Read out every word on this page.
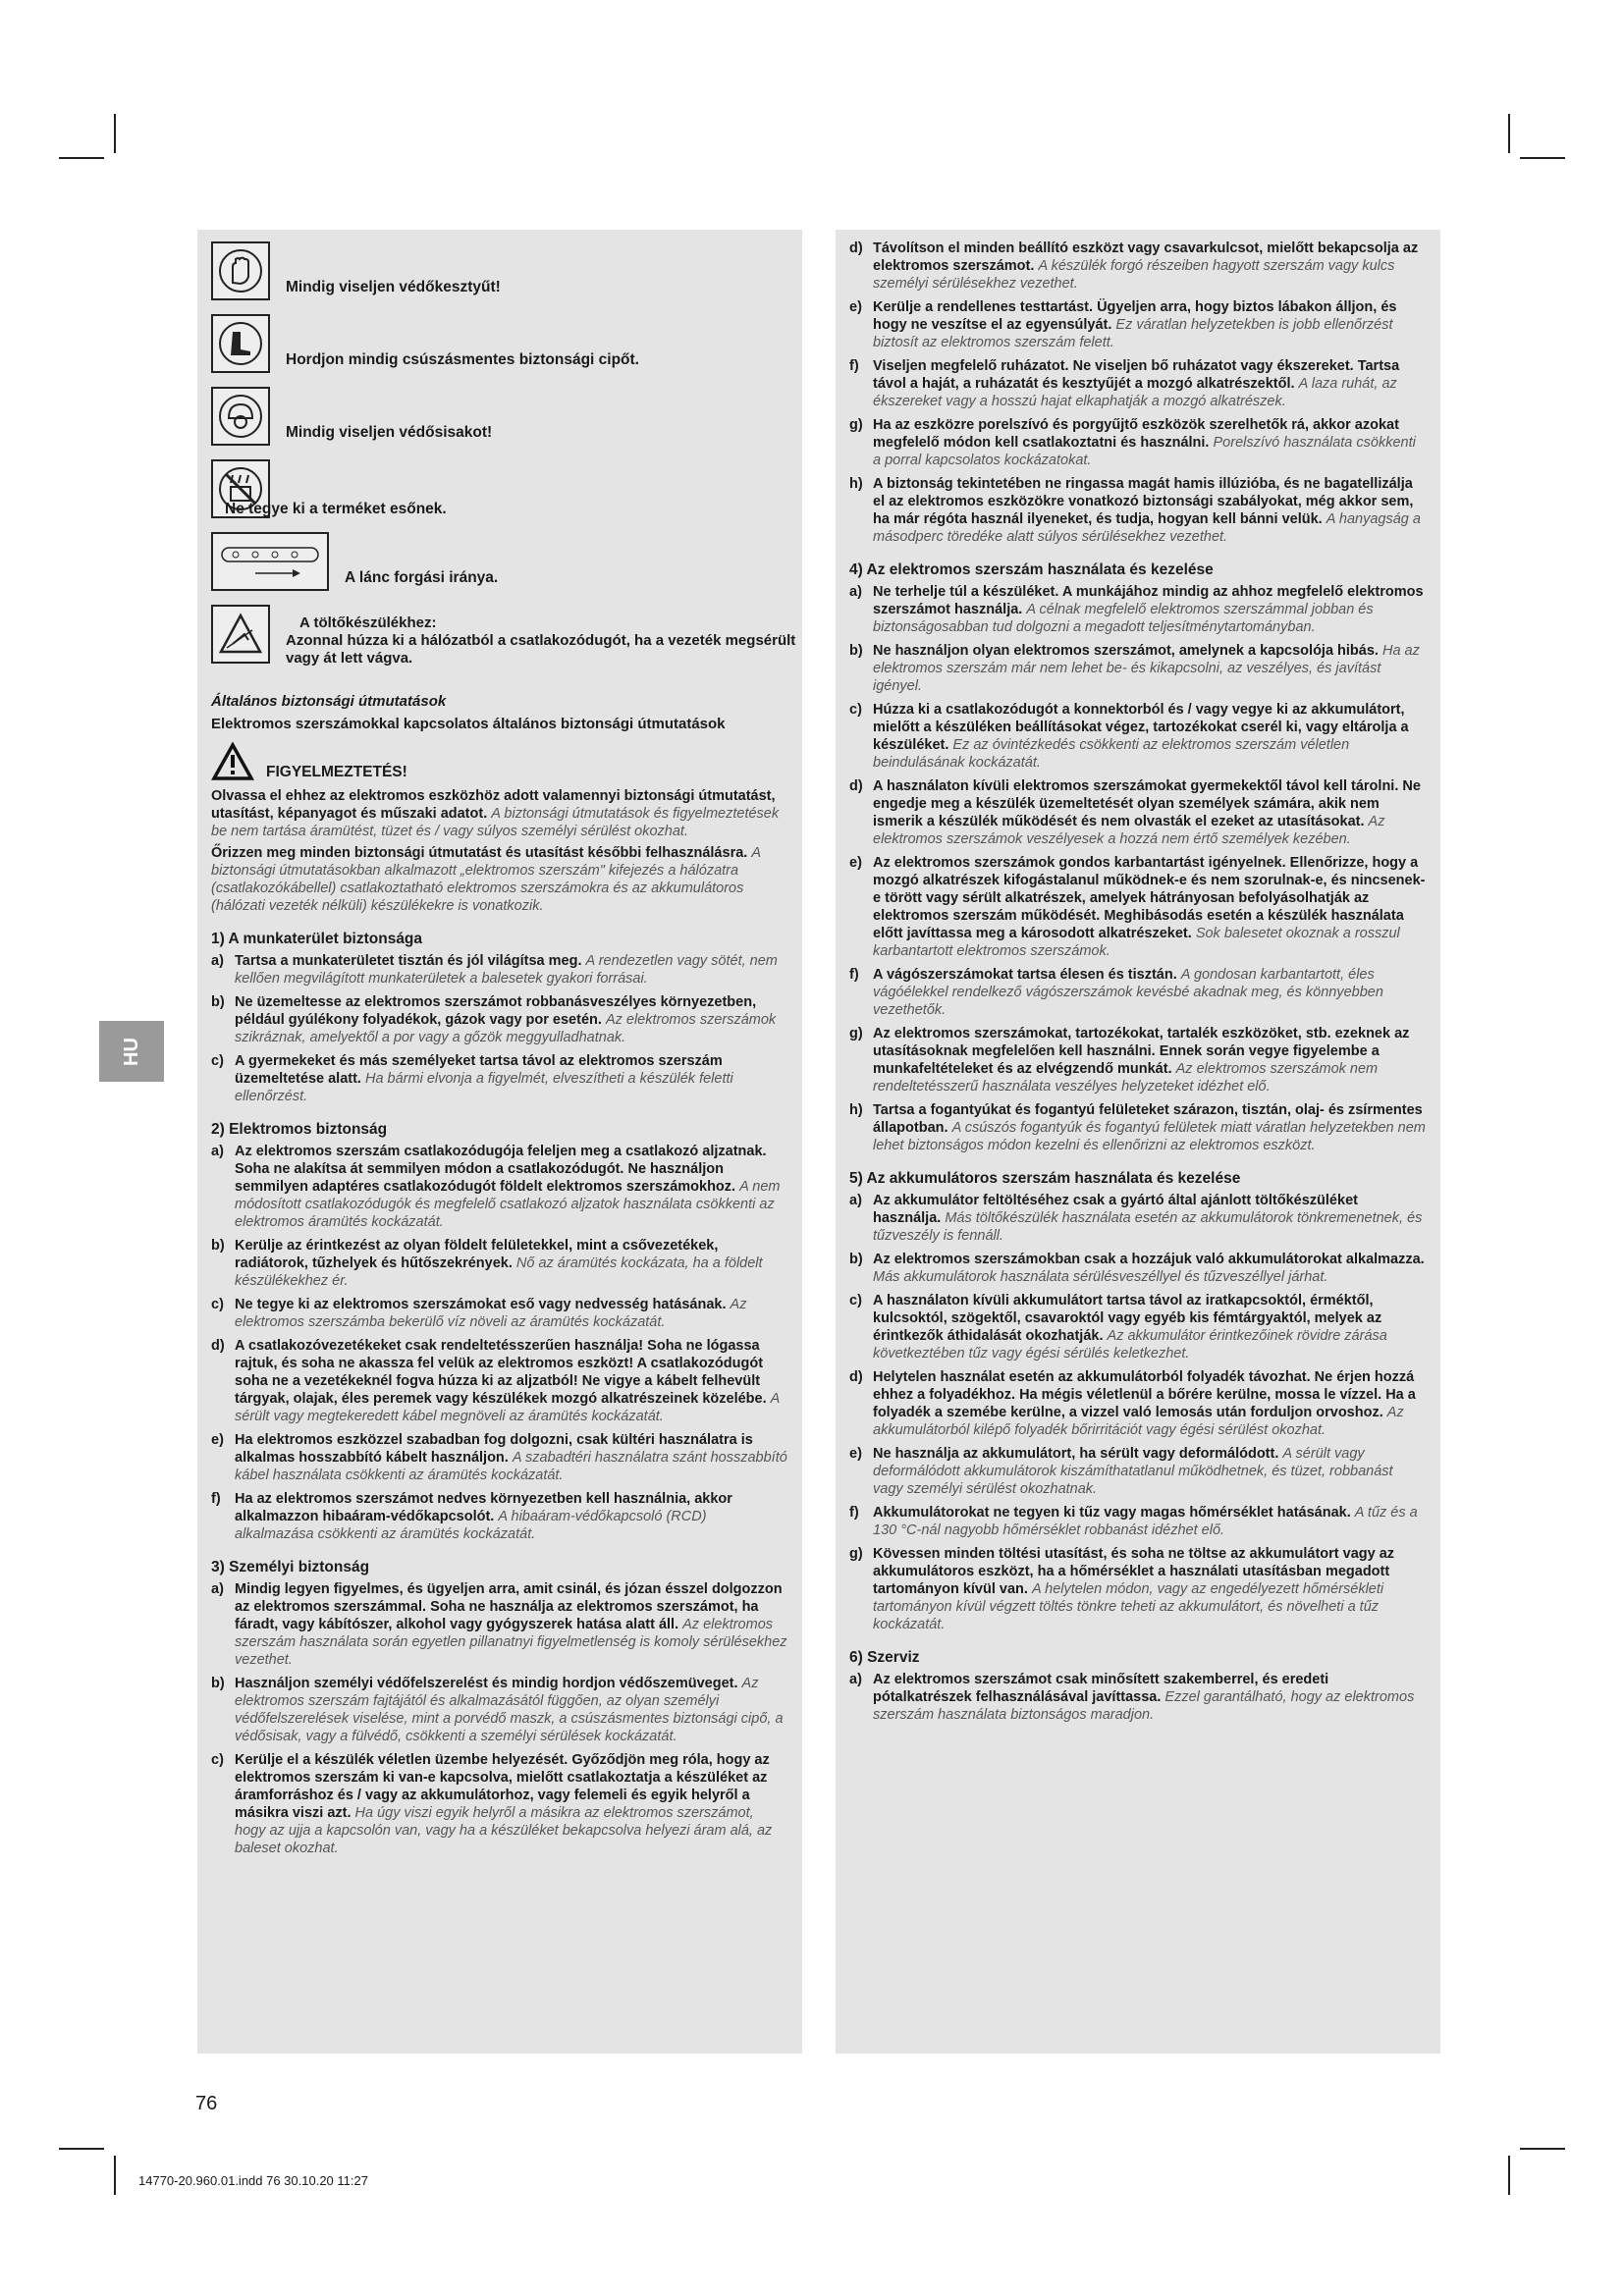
HU
Mindig viseljen védőkesztyűt!
Hordjon mindig csúszásmentes biztonsági cipőt.
Mindig viseljen védősisakot!
Ne tegye ki a terméket esőnek.
A lánc forgási iránya.
A töltőkészülékhez:
Azonnal húzza ki a hálózatból a csatlakozódugót, ha a vezeték megsérült vagy át lett vágva.
Általános biztonsági útmutatások
Elektromos szerszámokkal kapcsolatos általános biztonsági útmutatások
FIGYELMEZTETÉS!
Olvassa el ehhez az elektromos eszközhöz adott valamennyi biztonsági útmutatást, utasítást, képanyagot és műszaki adatot. A biztonsági útmutatások és figyelmeztetések be nem tartása áramütést, tüzet és / vagy súlyos személyi sérülést okozhat.
Őrizzen meg minden biztonsági útmutatást és utasítást későbbi felhasználásra. A biztonsági útmutatásokban alkalmazott „elektromos szerszám" kifejezés a hálózatra (csatlakozókábellel) csatlakoztatható elektromos szerszámokra és az akkumulátoros (hálózati vezeték nélküli) készülékekre is vonatkozik.
1) A munkaterület biztonsága
a) Tartsa a munkaterületet tisztán és jól világítsa meg. A rendezetlen vagy sötét, nem kellően megvilágított munkaterületek a balesetek gyakori forrásai.
b) Ne üzemeltesse az elektromos szerszámot robbanásveszélyes környezetben, például gyúlékony folyadékok, gázok vagy por esetén. Az elektromos szerszámok szikráznak, amelyektől a por vagy a gőzök meggyulladhatnak.
c) A gyermekeket és más személyeket tartsa távol az elektromos szerszám üzemeltetése alatt. Ha bármi elvonja a figyelmét, elveszítheti a készülék feletti ellenőrzést.
2) Elektromos biztonság
a) Az elektromos szerszám csatlakozódugója feleljen meg a csatlakozó aljzatnak. Soha ne alakítsa át semmilyen módon a csatlakozódugót. Ne használjon semmilyen adaptéres csatlakozódugót földelt elektromos szerszámokhoz. A nem módosított csatlakozódugók és megfelelő csatlakozó aljzatok használata csökkenti az elektromos áramütés kockázatát.
b) Kerülje az érintkezést az olyan földelt felületekkel, mint a csővezetékek, radiátorok, tűzhelyek és hűtőszekrények. Nő az áramütés kockázata, ha a földelt készülékekhez ér.
c) Ne tegye ki az elektromos szerszámokat eső vagy nedvesség hatásának. Az elektromos szerszámba bekerülő víz növeli az áramütés kockázatát.
d) A csatlakozóvezetékeket csak rendeltetésszerűen használja! Soha ne lógassa rajtuk, és soha ne akassza fel velük az elektromos eszközt! A csatlakozódugót soha ne a vezetékeknél fogva húzza ki az aljzatból! Ne vigye a kábelt felhevült tárgyak, olajak, éles peremek vagy készülékek mozgó alkatrészeinek közelébe. A sérült vagy megtekeredett kábel megnöveli az áramütés kockázatát.
e) Ha elektromos eszközzel szabadban fog dolgozni, csak kültéri használatra is alkalmas hosszabbító kábelt használjon. A szabadtéri használatra szánt hosszabbító kábel használata csökkenti az áramütés kockázatát.
f) Ha az elektromos szerszámot nedves környezetben kell használnia, akkor alkalmazzon hibaáram-védőkapcsolót. A hibaáram-védőkapcsoló (RCD) alkalmazása csökkenti az áramütés kockázatát.
3) Személyi biztonság
a) Mindig legyen figyelmes, és ügyeljen arra, amit csinál, és józan ésszel dolgozzon az elektromos szerszámmal. Soha ne használja az elektromos szerszámot, ha fáradt, vagy kábítószer, alkohol vagy gyógyszerek hatása alatt áll. Az elektromos szerszám használata során egyetlen pillanatnyi figyelmetlenség is komoly sérülésekhez vezethet.
b) Használjon személyi védőfelszerelést és mindig hordjon védőszemüveget. Az elektromos szerszám fajtájától és alkalmazásától függően, az olyan személyi védőfelszerelések viselése, mint a porvédő maszk, a csúszásmentes biztonsági cipő, a védősisak, vagy a fülvédő, csökkenti a személyi sérülések kockázatát.
c) Kerülje el a készülék véletlen üzembe helyezését. Győződjön meg róla, hogy az elektromos szerszám ki van-e kapcsolva, mielőtt csatlakoztatja a készüléket az áramforráshoz és / vagy az akkumulátorhoz, vagy felemeli és egyik helyről a másikra viszi azt. Ha úgy viszi egyik helyről a másikra az elektromos szerszámot, hogy az ujja a kapcsolón van, vagy ha a készüléket bekapcsolva helyezi áram alá, az baleset okozhat.
d) Távolítson el minden beállító eszközt vagy csavarkulcsot, mielőtt bekapcsolja az elektromos szerszámot. A készülék forgó részeiben hagyott szerszám vagy kulcs személyi sérülésekhez vezethet.
e) Kerülje a rendellenes testtartást. Ügyeljen arra, hogy biztos lábakon álljon, és hogy ne veszítse el az egyensúlyát. Ez váratlan helyzetekben is jobb ellenőrzést biztosít az elektromos szerszám felett.
f) Viseljen megfelelő ruházatot. Ne viseljen bő ruházatot vagy ékszereket. Tartsa távol a haját, a ruházatát és kesztyűjét a mozgó alkatrészektől. A laza ruhát, az ékszereket vagy a hosszú hajat elkaphatják a mozgó alkatrészek.
g) Ha az eszközre porelszívó és porgyűjtő eszközök szerelhetők rá, akkor azokat megfelelő módon kell csatlakoztatni és használni. Porelszívó használata csökkenti a porral kapcsolatos kockázatokat.
h) A biztonság tekintetében ne ringassa magát hamis illúzióba, és ne bagatellizálja el az elektromos eszközökre vonatkozó biztonsági szabályokat, még akkor sem, ha már régóta használ ilyeneket, és tudja, hogyan kell bánni velük. A hanyagság a másodperc töredéke alatt súlyos sérülésekhez vezethet.
4) Az elektromos szerszám használata és kezelése
a) Ne terhelje túl a készüléket. A munkájához mindig az ahhoz megfelelő elektromos szerszámot használja. A célnak megfelelő elektromos szerszámmal jobban és biztonságosabban tud dolgozni a megadott teljesítménytartományban.
b) Ne használjon olyan elektromos szerszámot, amelynek a kapcsolója hibás. Ha az elektromos szerszám már nem lehet be- és kikapcsolni, az veszélyes, és javítást igényel.
c) Húzza ki a csatlakozódugót a konnektorból és / vagy vegye ki az akkumulátort, mielőtt a készüléken beállításokat végez, tartozékokat cserél ki, vagy eltárolja a készüléket. Ez az óvintézkedés csökkenti az elektromos szerszám véletlen beindulásának kockázatát.
d) A használaton kívüli elektromos szerszámokat gyermekektől távol kell tárolni. Ne engedje meg a készülék üzemeltetését olyan személyek számára, akik nem ismerik a készülék működését és nem olvasták el ezeket az utasításokat. Az elektromos szerszámok veszélyesek a hozzá nem értő személyek kezében.
e) Az elektromos szerszámok gondos karbantartást igényelnek. Ellenőrizze, hogy a mozgó alkatrészek kifogástalanul működnek-e és nem szorulnak-e, és nincsenek-e törött vagy sérült alkatrészek, amelyek hátrányosan befolyásolhatják az elektromos szerszám működését. Meghibásodás esetén a készülék használata előtt javíttassa meg a károsodott alkatrészeket. Sok balesetet okoznak a rosszul karbantartott elektromos szerszámok.
f) A vágószerszámokat tartsa élesen és tisztán. A gondosan karbantartott, éles vágóélekkel rendelkező vágószerszámok kevésbé akadnak meg, és könnyebben vezethetők.
g) Az elektromos szerszámokat, tartozékokat, tartalék eszközöket, stb. ezeknek az utasításoknak megfelelően kell használni. Ennek során vegye figyelembe a munkafeltételeket és az elvégzendő munkát. Az elektromos szerszámok nem rendeltetésszerű használata veszélyes helyzeteket idézhet elő.
h) Tartsa a fogantyúkat és fogantyú felületeket szárazon, tisztán, olaj- és zsírmentes állapotban. A csúszós fogantyúk és fogantyú felületek miatt váratlan helyzetekben nem lehet biztonságos módon kezelni és ellenőrizni az elektromos eszközt.
5) Az akkumulátoros szerszám használata és kezelése
a) Az akkumulátor feltöltéséhez csak a gyártó által ajánlott töltőkészüléket használja. Más töltőkészülék használata esetén az akkumulátorok tönkremenetnek, és tűzveszély is fennáll.
b) Az elektromos szerszámokban csak a hozzájuk való akkumulátorokat alkalmazza. Más akkumulátorok használata sérülésveszéllyel és tűzveszéllyel járhat.
c) A használaton kívüli akkumulátort tartsa távol az iratkapcsoktól, érméktől, kulcsoktól, szögektől, csavaroktól vagy egyéb kis fémtárgyaktól, melyek az érintkezők áthidalását okozhatják. Az akkumulátor érintkezőinek rövidre zárása következtében tűz vagy égési sérülés keletkezhet.
d) Helytelen használat esetén az akkumulátorból folyadék távozhat. Ne érjen hozzá ehhez a folyadékhoz. Ha mégis véletlenül a bőrére kerülne, mossa le vízzel. Ha a folyadék a szemébe kerülne, a vizzel való lemosás után forduljon orvoshoz. Az akkumulátorból kilépő folyadék bőrirritációt vagy égési sérülést okozhat.
e) Ne használja az akkumulátort, ha sérült vagy deformálódott. A sérült vagy deformálódott akkumulátorok kiszámíthatatlanul működhetnek, és tüzet, robbanást vagy személyi sérülést okozhatnak.
f) Akkumulátorokat ne tegyen ki tűz vagy magas hőmérséklet hatásának. A tűz és a 130 °C-nál nagyobb hőmérséklet robbanást idézhet elő.
g) Kövessen minden töltési utasítást, és soha ne töltse az akkumulátort vagy az akkumulátoros eszközt, ha a hőmérséklet a használati utasításban megadott tartományon kívül van. A helytelen módon, vagy az engedélyezett hőmérsékleti tartományon kívül végzett töltés tönkre teheti az akkumulátort, és növelheti a tűz kockázatát.
6) Szerviz
a) Az elektromos szerszámot csak minősített szakemberrel, és eredeti pótalkatrészek felhasználásával javíttassa. Ezzel garantálható, hogy az elektromos szerszám használata biztonságos maradjon.
76
14770-20.960.01.indd 76 30.10.20 11:27
